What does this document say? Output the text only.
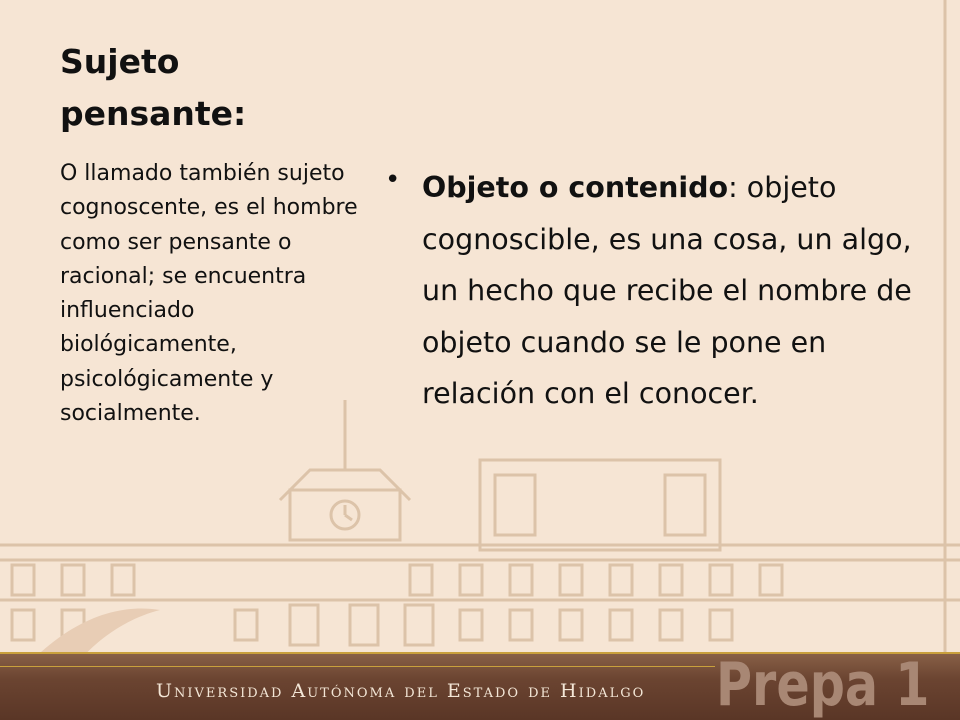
Sujeto pensante:

O llamado también sujeto cognoscente, es el hombre como ser pensante o racional; se encuentra influenciado biológicamente, psicológicamente y socialmente.

• Objeto o contenido: objeto cognoscible, es una cosa, un algo, un hecho que recibe el nombre de objeto cuando se le pone en relación con el conocer.

Universidad Autónoma del Estado de Hidalgo Prepa 1
